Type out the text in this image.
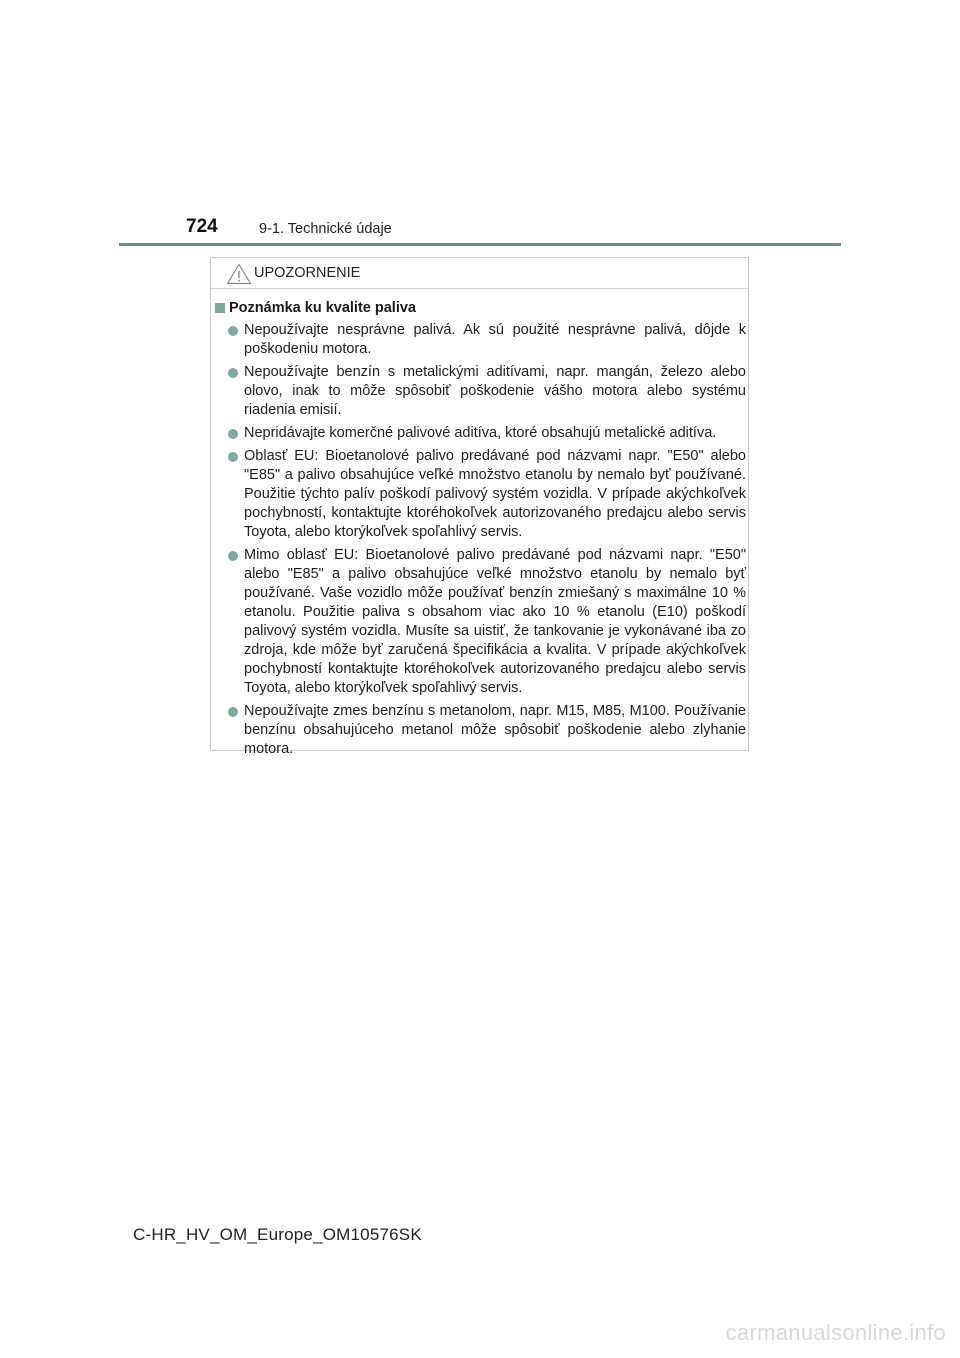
724	9-1. Technické údaje
UPOZORNENIE
Poznámka ku kvalite paliva
Nepoužívajte nesprávne palivá. Ak sú použité nesprávne palivá, dôjde k poškodeniu motora.
Nepoužívajte benzín s metalickými aditívami, napr. mangán, železo alebo olovo, inak to môže spôsobiť poškodenie vášho motora alebo systému riadenia emisií.
Nepridávajte komerčné palivové aditíva, ktoré obsahujú metalické aditíva.
Oblasť EU: Bioetanolové palivo predávané pod názvami napr. "E50" alebo "E85" a palivo obsahujúce veľké množstvo etanolu by nemalo byť používané. Použitie týchto palív poškodí palivový systém vozidla. V prípade akýchkoľvek pochybností, kontaktujte ktoréhokoľvek autorizovaného predajcu alebo servis Toyota, alebo ktorýkoľvek spoľahlivý servis.
Mimo oblasť EU: Bioetanolové palivo predávané pod názvami napr. "E50" alebo "E85" a palivo obsahujúce veľké množstvo etanolu by nemalo byť používané. Vaše vozidlo môže používať benzín zmiešaný s maximálne 10 % etanolu. Použitie paliva s obsahom viac ako 10 % etanolu (E10) poškodí palivový systém vozidla. Musíte sa uistiť, že tankovanie je vykonávané iba zo zdroja, kde môže byť zaručená špecifikácia a kvalita. V prípade akýchkoľvek pochybností kontaktujte ktoréhokoľvek autorizovaného predajcu alebo servis Toyota, alebo ktorýkoľvek spoľahlivý servis.
Nepoužívajte zmes benzínu s metanolom, napr. M15, M85, M100. Používanie benzínu obsahujúceho metanol môže spôsobiť poškodenie alebo zlyhanie motora.
C-HR_HV_OM_Europe_OM10576SK
carmanualsonline.info
